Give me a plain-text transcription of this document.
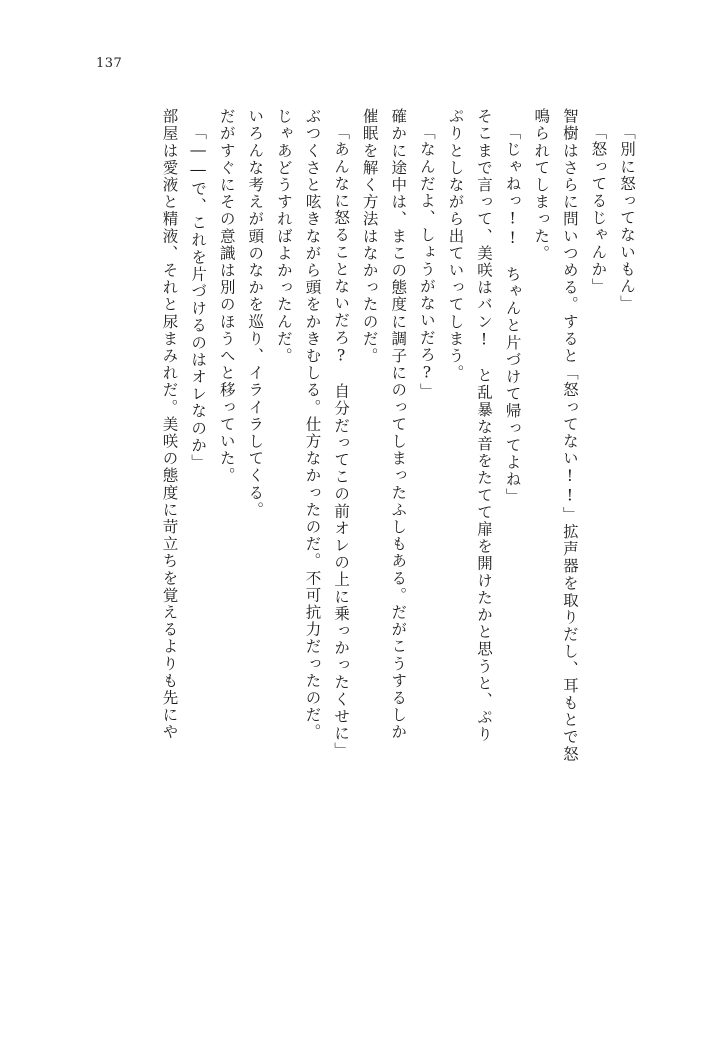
137
「別に怒ってないもん」
「怒ってるじゃんか」
智樹はさらに問いつめる。すると「怒ってない!!」拡声器を取りだし、耳もとで怒
鳴られてしまった。
「じゃねっ!!　ちゃんと片づけて帰ってよね」
そこまで言って、美咲はバン!　と乱暴な音をたてて扉を開けたかと思うと、ぷり
ぷりとしながら出ていってしまう。
「なんだよ、しょうがないだろ?」
確かに途中は、まこの態度に調子にのってしまったふしもある。だがこうするしか
催眠を解く方法はなかったのだ。
「あんなに怒ることないだろ?　自分だってこの前オレの上に乗っかったくせに」
ぶつくさと呟きながら頭をかきむしる。仕方なかったのだ。不可抗力だったのだ。
じゃあどうすればよかったんだ。
いろんな考えが頭のなかを巡り、イライラしてくる。
だがすぐにその意識は別のほうへと移っていた。
「――で、これを片づけるのはオレなのか」
部屋は愛液と精液、それと尿まみれだ。美咲の態度に苛立ちを覚えるよりも先にや
